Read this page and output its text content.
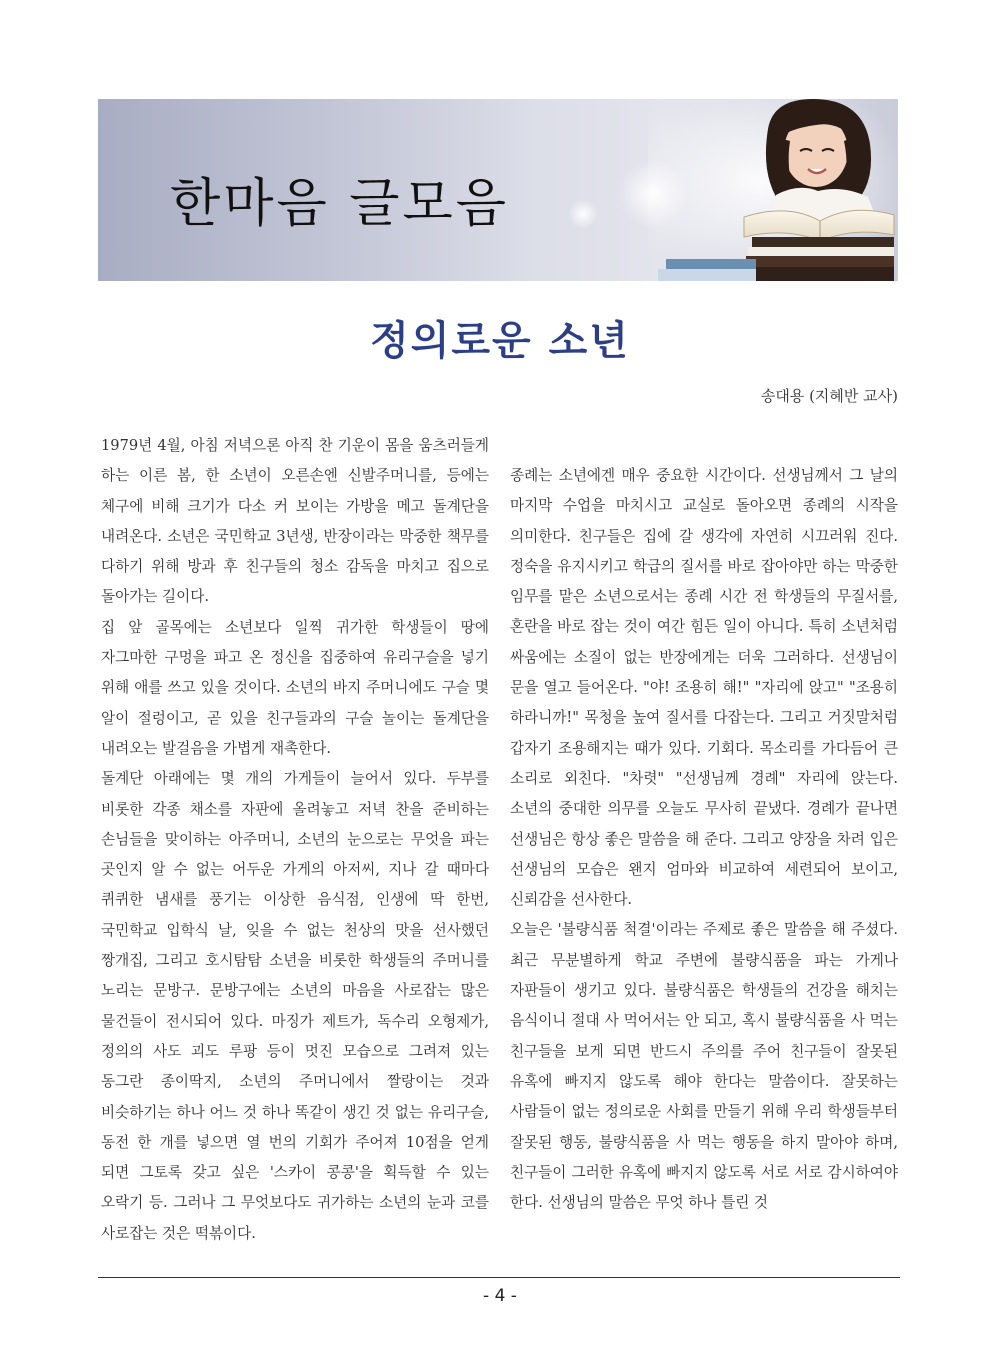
한마음 글모음
정의로운 소년
송대용 (지혜반 교사)

1979년 4월, 아침 저녁으론 아직 찬 기운이 몸을 움츠러들게 하는 이른 봄, 한 소년이 오른손엔 신발주머니를, 등에는 체구에 비해 크기가 다소 커 보이는 가방을 메고 돌계단을 내려온다. 소년은 국민학교 3년생, 반장이라는 막중한 책무를 다하기 위해 방과 후 친구들의 청소 감독을 마치고 집으로 돌아가는 길이다.

집 앞 골목에는 소년보다 일찍 귀가한 학생들이 땅에 자그마한 구멍을 파고 온 정신을 집중하여 유리구슬을 넣기 위해 애를 쓰고 있을 것이다. 소년의 바지 주머니에도 구슬 몇 알이 절렁이고, 곧 있을 친구들과의 구슬 놀이는 돌계단을 내려오는 발걸음을 가볍게 재촉한다.

돌계단 아래에는 몇 개의 가게들이 늘어서 있다. 두부를 비롯한 각종 채소를 자판에 올려놓고 저녁 찬을 준비하는 손님들을 맞이하는 아주머니, 소년의 눈으로는 무엇을 파는 곳인지 알 수 없는 어두운 가게의 아저씨, 지나 갈 때마다 퀴퀴한 냄새를 풍기는 이상한 음식점, 인생에 딱 한번, 국민학교 입학식 날, 잊을 수 없는 천상의 맛을 선사했던 짱개집, 그리고 호시탐탐 소년을 비롯한 학생들의 주머니를 노리는 문방구. 문방구에는 소년의 마음을 사로잡는 많은 물건들이 전시되어 있다. 마징가 제트가, 독수리 오형제가, 정의의 사도 괴도 루팡 등이 멋진 모습으로 그려져 있는 동그란 종이딱지, 소년의 주머니에서 짤랑이는 것과 비슷하기는 하나 어느 것 하나 똑같이 생긴 것 없는 유리구슬, 동전 한 개를 넣으면 열 번의 기회가 주어져 10점을 얻게 되면 그토록 갖고 싶은 '스카이 콩콩'을 획득할 수 있는 오락기 등. 그러나 그 무엇보다도 귀가하는 소년의 눈과 코를 사로잡는 것은 떡볶이다.

종례는 소년에겐 매우 중요한 시간이다. 선생님께서 그 날의 마지막 수업을 마치시고 교실로 돌아오면 종례의 시작을 의미한다. 친구들은 집에 갈 생각에 자연히 시끄러워 진다. 정숙을 유지시키고 학급의 질서를 바로 잡아야만 하는 막중한 임무를 맡은 소년으로서는 종례 시간 전 학생들의 무질서를, 혼란을 바로 잡는 것이 여간 힘든 일이 아니다. 특히 소년처럼 싸움에는 소질이 없는 반장에게는 더욱 그러하다. 선생님이 문을 열고 들어온다. "야! 조용히 해!" "자리에 앉고" "조용히 하라니까!" 목청을 높여 질서를 다잡는다. 그리고 거짓말처럼 갑자기 조용해지는 때가 있다. 기회다. 목소리를 가다듬어 큰 소리로 외친다. "차렷" "선생님께 경례" 자리에 앉는다. 소년의 중대한 의무를 오늘도 무사히 끝냈다. 경례가 끝나면 선생님은 항상 좋은 말씀을 해 준다. 그리고 양장을 차려 입은 선생님의 모습은 왠지 엄마와 비교하여 세련되어 보이고, 신뢰감을 선사한다.

오늘은 '불량식품 척결'이라는 주제로 좋은 말씀을 해 주셨다. 최근 무분별하게 학교 주변에 불량식품을 파는 가게나 자판들이 생기고 있다. 불량식품은 학생들의 건강을 해치는 음식이니 절대 사 먹어서는 안 되고, 혹시 불량식품을 사 먹는 친구들을 보게 되면 반드시 주의를 주어 친구들이 잘못된 유혹에 빠지지 않도록 해야 한다는 말씀이다. 잘못하는 사람들이 없는 정의로운 사회를 만들기 위해 우리 학생들부터 잘못된 행동, 불량식품을 사 먹는 행동을 하지 말아야 하며, 친구들이 그러한 유혹에 빠지지 않도록 서로 서로 감시하여야 한다. 선생님의 말씀은 무엇 하나 틀린 것

- 4 -
